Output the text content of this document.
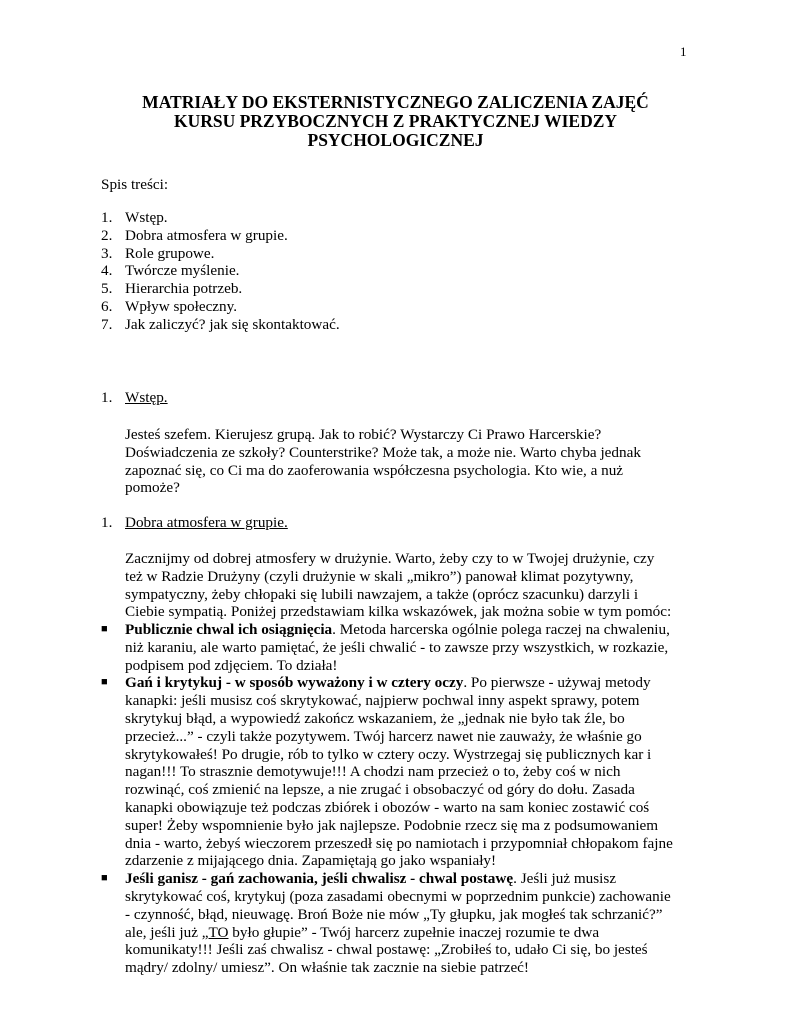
1
MATRIAŁY DO EKSTERNISTYCZNEGO ZALICZENIA ZAJĘĆ
KURSU PRZYBOCZNYCH Z PRAKTYCZNEJ WIEDZY
PSYCHOLOGICZNEJ
Spis treści:
1. Wstęp.
2. Dobra atmosfera w grupie.
3. Role grupowe.
4. Twórcze myślenie.
5. Hierarchia potrzeb.
6. Wpływ społeczny.
7. Jak zaliczyć? jak się skontaktować.
1. Wstęp.
Jesteś szefem. Kierujesz grupą. Jak to robić? Wystarczy Ci Prawo Harcerskie?
Doświadczenia ze szkoły? Counterstrike? Może tak, a może nie. Warto chyba jednak
zapoznać się, co Ci ma do zaoferowania współczesna psychologia. Kto wie, a nuż
pomoże?
1. Dobra atmosfera w grupie.
Zacznijmy od dobrej atmosfery w drużynie. Warto, żeby czy to w Twojej drużynie, czy
też w Radzie Drużyny (czyli drużynie w skali „mikro”) panował klimat pozytywny,
sympatyczny, żeby chłopaki się lubili nawzajem, a także (oprócz szacunku) darzyli i
Ciebie sympatią. Poniżej przedstawiam kilka wskazówek, jak można sobie w tym pomóc:
■ Publicznie chwal ich osiągnięcia. Metoda harcerska ogólnie polega raczej na chwaleniu,
niż karaniu, ale warto pamiętać, że jeśli chwalić - to zawsze przy wszystkich, w rozkazie,
podpisem pod zdjęciem. To działa!
■ Gań i krytykuj - w sposób wyważony i w cztery oczy. Po pierwsze - używaj metody
kanapki: jeśli musisz coś skrytykować, najpierw pochwal inny aspekt sprawy, potem
skrytykuj błąd, a wypowiedź zakończ wskazaniem, że „jednak nie było tak źle, bo
przecież...” - czyli także pozytywem. Twój harcerz nawet nie zauważy, że właśnie go
skrytykowałeś! Po drugie, rób to tylko w cztery oczy. Wystrzegaj się publicznych kar i
nagan!!! To strasznie demotywuje!!! A chodzi nam przecież o to, żeby coś w nich
rozwinąć, coś zmienić na lepsze, a nie zrugać i obsobaczyć od góry do dołu. Zasada
kanapki obowiązuje też podczas zbiórek i obozów - warto na sam koniec zostawić coś
super! Żeby wspomnienie było jak najlepsze. Podobnie rzecz się ma z podsumowaniem
dnia - warto, żebyś wieczorem przeszedł się po namiotach i przypomniał chłopakom fajne
zdarzenie z mijającego dnia. Zapamiętają go jako wspaniały!
■ Jeśli ganisz - gań zachowania, jeśli chwalisz - chwal postawę. Jeśli już musisz
skrytykować coś, krytykuj (poza zasadami obecnymi w poprzednim punkcie) zachowanie
- czynność, błąd, nieuwagę. Broń Boże nie mów „Ty głupku, jak mogłeś tak schrzanić?”
ale, jeśli już „TO było głupie” - Twój harcerz zupełnie inaczej rozumie te dwa
komunikaty!!! Jeśli zaś chwalisz - chwal postawę: „Zrobiłeś to, udało Ci się, bo jesteś
mądry/ zdolny/ umiesz”. On właśnie tak zacznie na siebie patrzeć!
